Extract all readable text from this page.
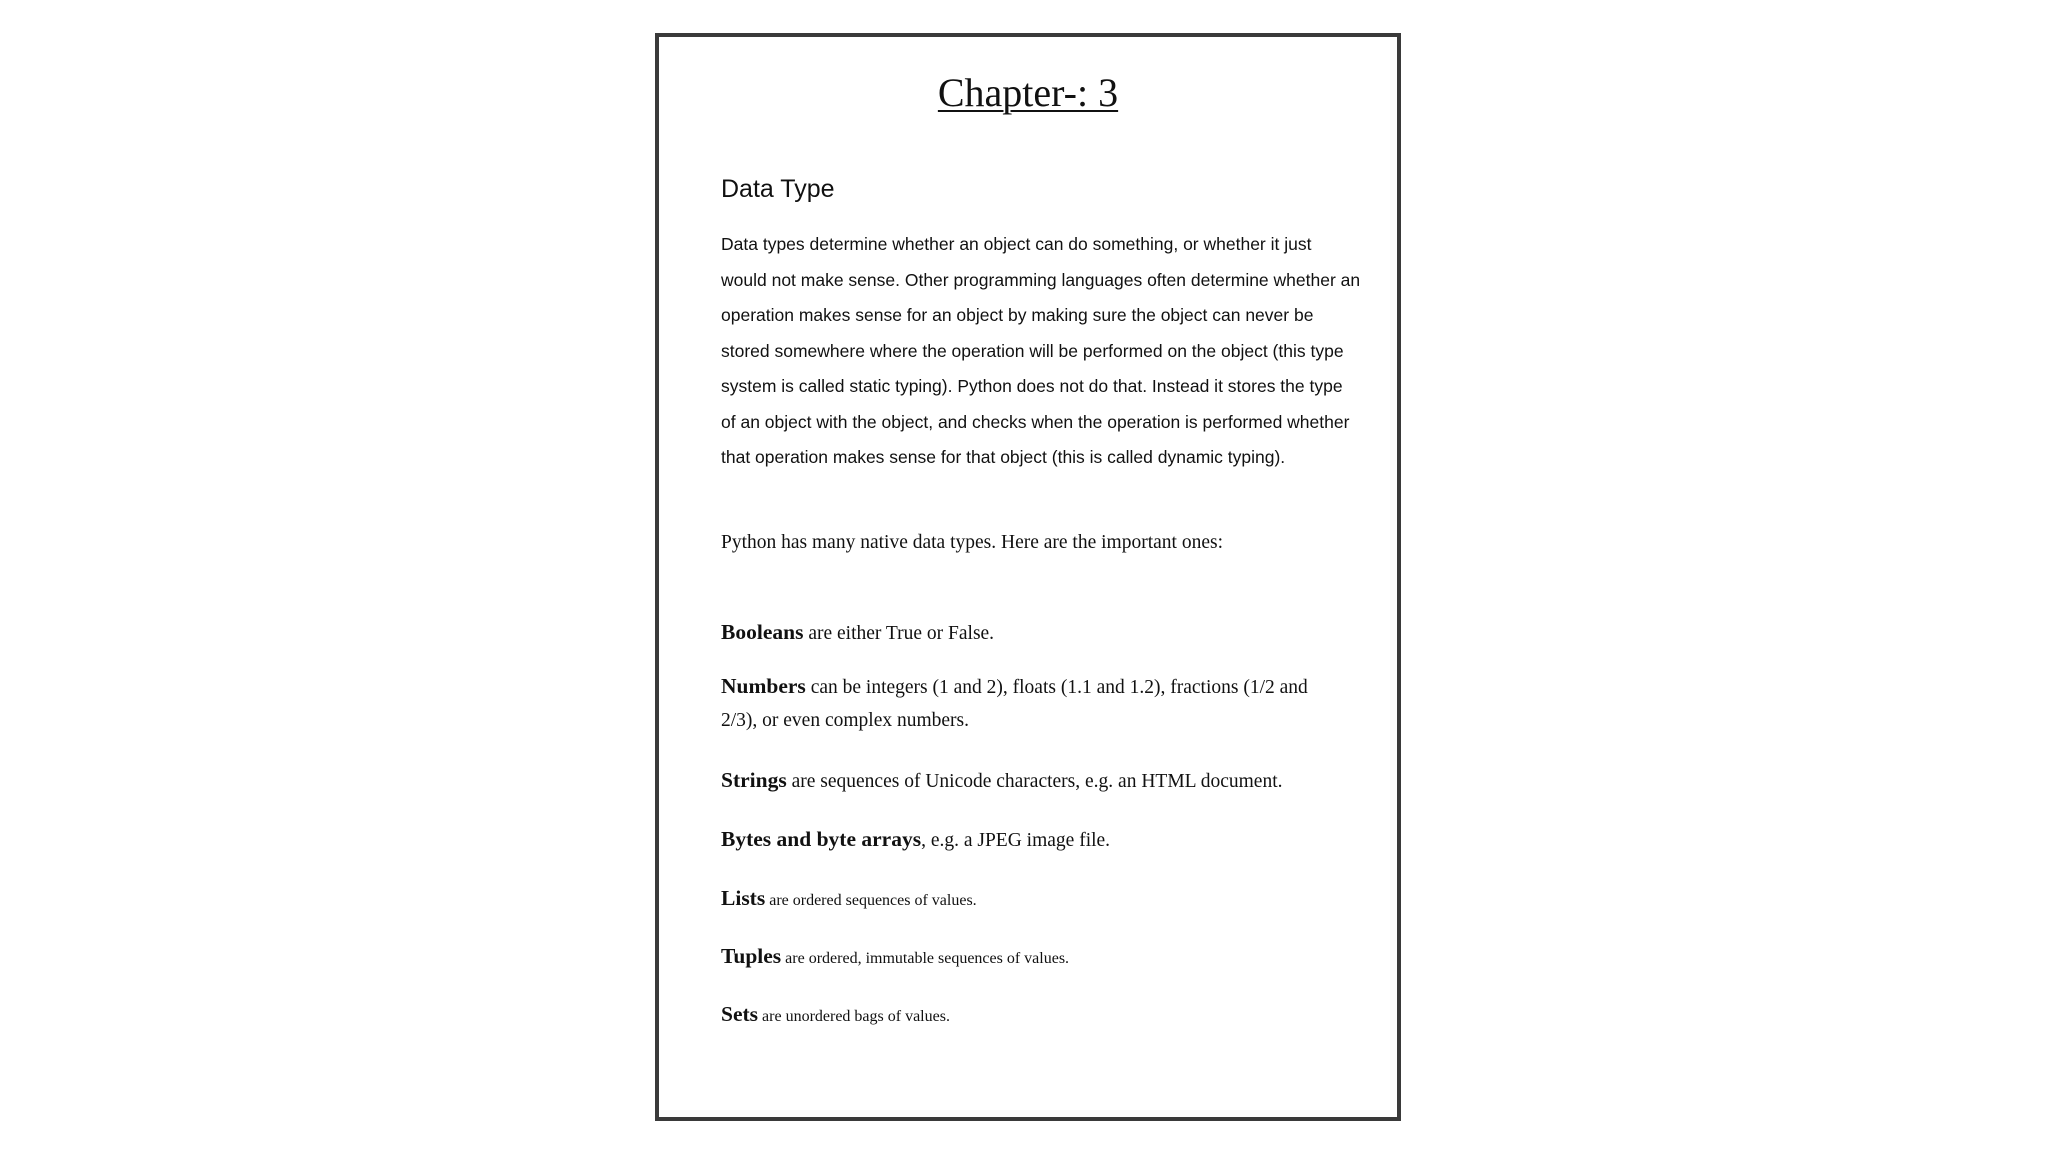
Chapter-: 3
Data Type

Data types determine whether an object can do something, or whether it just would not make sense. Other programming languages often determine whether an operation makes sense for an object by making sure the object can never be stored somewhere where the operation will be performed on the object (this type system is called static typing). Python does not do that. Instead it stores the type of an object with the object, and checks when the operation is performed whether that operation makes sense for that object (this is called dynamic typing).

Python has many native data types. Here are the important ones:

Booleans are either True or False.

Numbers can be integers (1 and 2), floats (1.1 and 1.2), fractions (1/2 and 2/3), or even complex numbers.

Strings are sequences of Unicode characters, e.g. an HTML document.

Bytes and byte arrays, e.g. a JPEG image file.

Lists are ordered sequences of values.

Tuples are ordered, immutable sequences of values.

Sets are unordered bags of values.
